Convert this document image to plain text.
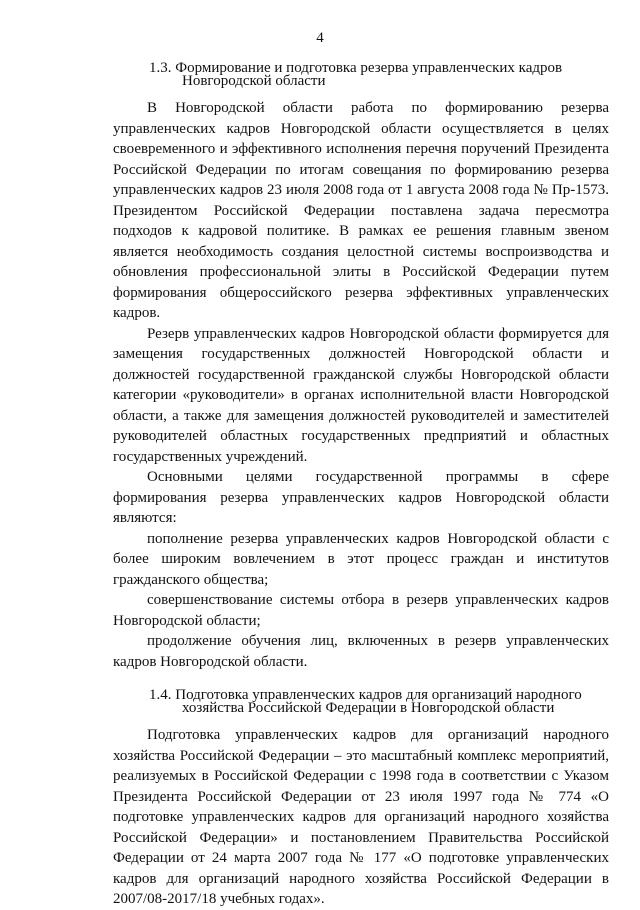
4
1.3. Формирование и подготовка резерва управленческих кадров
Новгородской области

В Новгородской области работа по формированию резерва управленческих кадров Новгородской области осуществляется в целях своевременного и эффективного исполнения перечня поручений Президента Российской Федерации по итогам совещания по формированию резерва управленческих кадров 23 июля 2008 года от 1 августа 2008 года № Пр-1573. Президентом Российской Федерации поставлена задача пересмотра подходов к кадровой политике. В рамках ее решения главным звеном является необходимость создания целостной системы воспроизводства и обновления профессиональной элиты в Российской Федерации путем формирования общероссийского резерва эффективных управленческих кадров.

Резерв управленческих кадров Новгородской области формируется для замещения государственных должностей Новгородской области и должностей государственной гражданской службы Новгородской области категории «руководители» в органах исполнительной власти Новгородской области, а также для замещения должностей руководителей и заместителей руководителей областных государственных предприятий и областных государственных учреждений.

Основными целями государственной программы в сфере формирования резерва управленческих кадров Новгородской области являются:

пополнение резерва управленческих кадров Новгородской области с более широким вовлечением в этот процесс граждан и институтов гражданского общества;

совершенствование системы отбора в резерв управленческих кадров Новгородской области;

продолжение обучения лиц, включенных в резерв управленческих кадров Новгородской области.

1.4. Подготовка управленческих кадров для организаций народного
хозяйства Российской Федерации в Новгородской области

Подготовка управленческих кадров для организаций народного хозяйства Российской Федерации – это масштабный комплекс мероприятий, реализуемых в Российской Федерации с 1998 года в соответствии с Указом Президента Российской Федерации от 23 июля 1997 года № 774 «О подготовке управленческих кадров для организаций народного хозяйства Российской Федерации» и постановлением Правительства Российской Федерации от 24 марта 2007 года № 177 «О подготовке управленческих кадров для организаций народного хозяйства Российской Федерации в 2007/08-2017/18 учебных годах».
